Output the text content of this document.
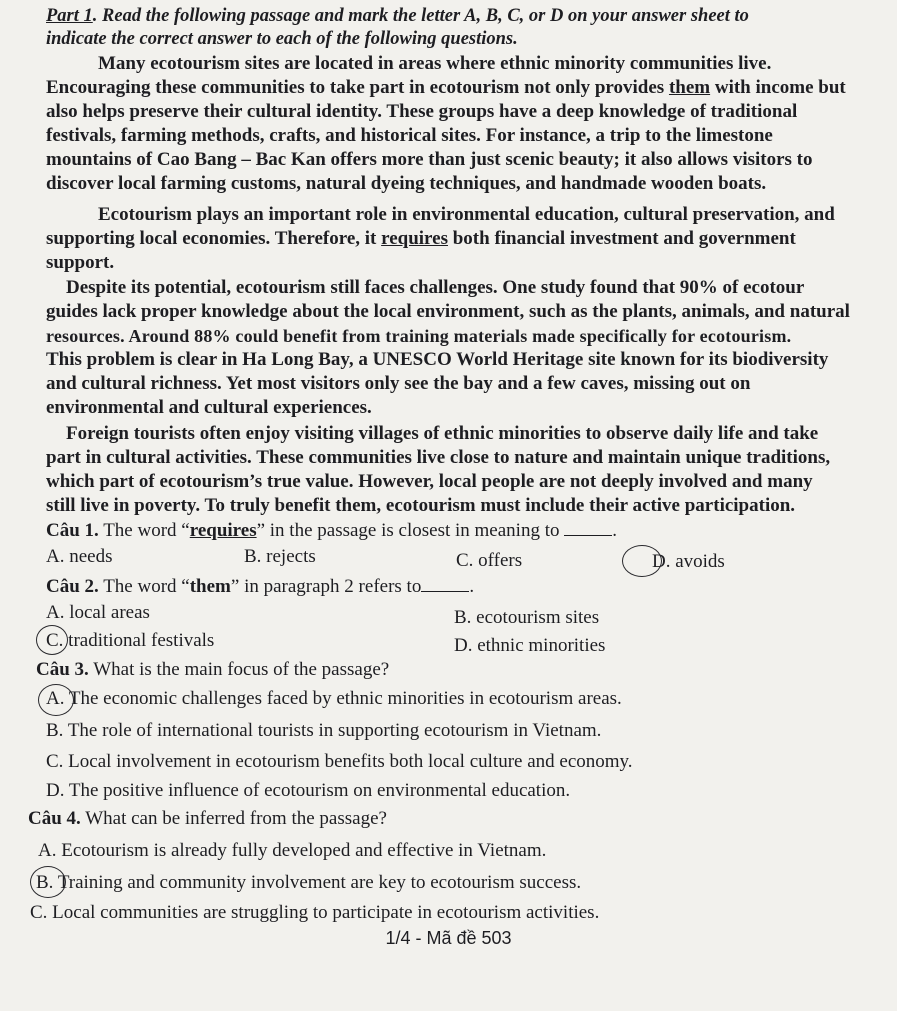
Part 1. Read the following passage and mark the letter A, B, C, or D on your answer sheet to
indicate the correct answer to each of the following questions.
Many ecotourism sites are located in areas where ethnic minority communities live.
Encouraging these communities to take part in ecotourism not only provides them with income but
also helps preserve their cultural identity. These groups have a deep knowledge of traditional
festivals, farming methods, crafts, and historical sites. For instance, a trip to the limestone
mountains of Cao Bang – Bac Kan offers more than just scenic beauty; it also allows visitors to
discover local farming customs, natural dyeing techniques, and handmade wooden boats.
Ecotourism plays an important role in environmental education, cultural preservation, and
supporting local economies. Therefore, it requires both financial investment and government
support.
Despite its potential, ecotourism still faces challenges. One study found that 90% of ecotour
guides lack proper knowledge about the local environment, such as the plants, animals, and natural
resources. Around 88% could benefit from training materials made specifically for ecotourism.
This problem is clear in Ha Long Bay, a UNESCO World Heritage site known for its biodiversity
and cultural richness. Yet most visitors only see the bay and a few caves, missing out on
environmental and cultural experiences.
Foreign tourists often enjoy visiting villages of ethnic minorities to observe daily life and take
part in cultural activities. These communities live close to nature and maintain unique traditions,
which part of ecotourism’s true value. However, local people are not deeply involved and many
still live in poverty. To truly benefit them, ecotourism must include their active participation.
Câu 1. The word “requires” in the passage is closest in meaning to	.
A. needs	B. rejects	C. offers	D. avoids
Câu 2. The word “them” in paragraph 2 refers to	.
A. local areas	B. ecotourism sites
C. traditional festivals	D. ethnic minorities
Câu 3. What is the main focus of the passage?
A. The economic challenges faced by ethnic minorities in ecotourism areas.
B. The role of international tourists in supporting ecotourism in Vietnam.
C. Local involvement in ecotourism benefits both local culture and economy.
D. The positive influence of ecotourism on environmental education.
Câu 4. What can be inferred from the passage?
A. Ecotourism is already fully developed and effective in Vietnam.
B. Training and community involvement are key to ecotourism success.
C. Local communities are struggling to participate in ecotourism activities.
1/4 - Mã đề 503
